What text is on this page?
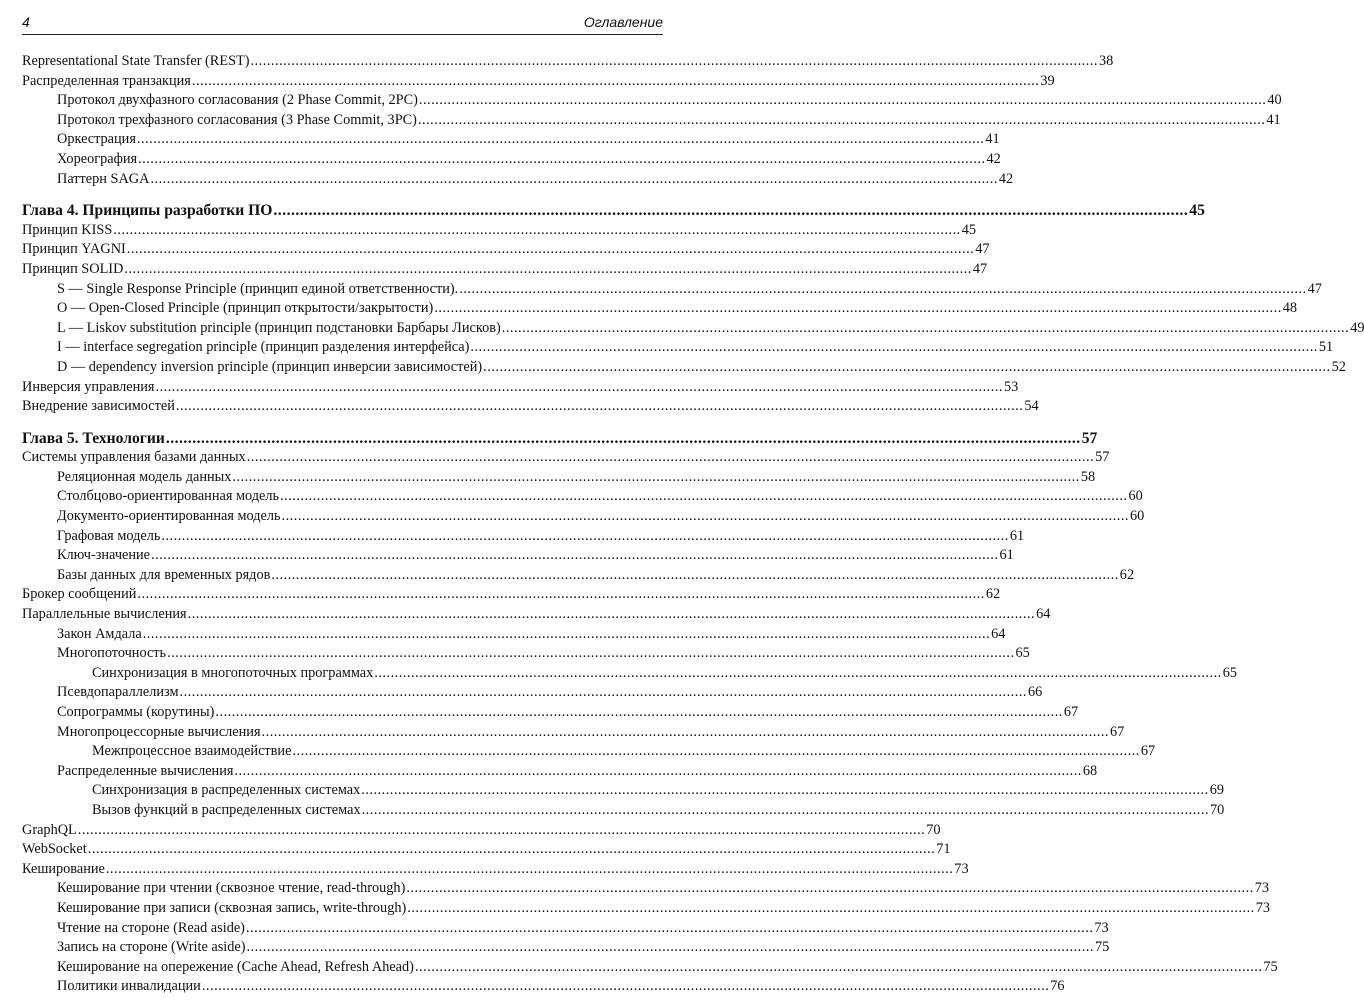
4	Оглавление
Representational State Transfer (REST) .....	38
Распределенная транзакция .....	39
Протокол двухфазного согласования (2 Phase Commit, 2PC) .....	40
Протокол трехфазного согласования (3 Phase Commit, 3PC) .....	41
Оркестрация .....	41
Хореография .....	42
Паттерн SAGA .....	42
Глава 4. Принципы разработки ПО .....	45
Принцип KISS .....	45
Принцип YAGNI .....	47
Принцип SOLID .....	47
S — Single Response Principle (принцип единой ответственности). .....	47
O — Open-Closed Principle (принцип открытости/закрытости) .....	48
L — Liskov substitution principle (принцип подстановки Барбары Лисков) .....	49
I — interface segregation principle (принцип разделения интерфейса) .....	51
D — dependency inversion principle (принцип инверсии зависимостей) .....	52
Инверсия управления .....	53
Внедрение зависимостей .....	54
Глава 5. Технологии .....	57
Системы управления базами данных .....	57
Реляционная модель данных .....	58
Столбцово-ориентированная модель .....	60
Документо-ориентированная модель .....	60
Графовая модель .....	61
Ключ-значение .....	61
Базы данных для временных рядов .....	62
Брокер сообщений .....	62
Параллельные вычисления .....	64
Закон Амдала .....	64
Многопоточность .....	65
Синхронизация в многопоточных программах .....	65
Псевдопараллелизм .....	66
Сопрограммы (корутины) .....	67
Многопроцессорные вычисления .....	67
Межпроцессное взаимодействие .....	67
Распределенные вычисления .....	68
Синхронизация в распределенных системах .....	69
Вызов функций в распределенных системах .....	70
GraphQL .....	70
WebSocket .....	71
Кеширование .....	73
Кеширование при чтении (сквозное чтение, read-through) .....	73
Кеширование при записи (сквозная запись, write-through) .....	73
Чтение на стороне (Read aside) .....	73
Запись на стороне (Write aside) .....	75
Кеширование на опережение (Cache Ahead, Refresh Ahead) .....	75
Политики инвалидации .....	76
